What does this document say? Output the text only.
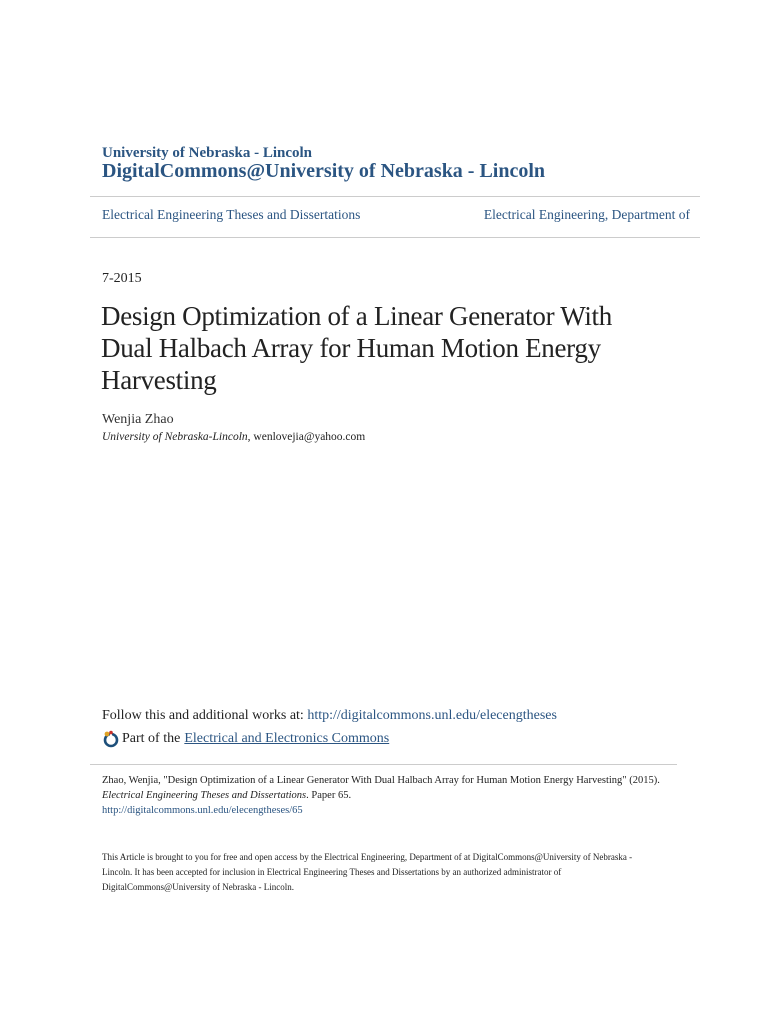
University of Nebraska - Lincoln
DigitalCommons@University of Nebraska - Lincoln
Electrical Engineering Theses and Dissertations	Electrical Engineering, Department of
7-2015
Design Optimization of a Linear Generator With Dual Halbach Array for Human Motion Energy Harvesting
Wenjia Zhao
University of Nebraska-Lincoln, wenlovejia@yahoo.com
Follow this and additional works at: http://digitalcommons.unl.edu/elecengtheses
Part of the Electrical and Electronics Commons
Zhao, Wenjia, "Design Optimization of a Linear Generator With Dual Halbach Array for Human Motion Energy Harvesting" (2015).
Electrical Engineering Theses and Dissertations. Paper 65.
http://digitalcommons.unl.edu/elecengtheses/65
This Article is brought to you for free and open access by the Electrical Engineering, Department of at DigitalCommons@University of Nebraska - Lincoln. It has been accepted for inclusion in Electrical Engineering Theses and Dissertations by an authorized administrator of DigitalCommons@University of Nebraska - Lincoln.
